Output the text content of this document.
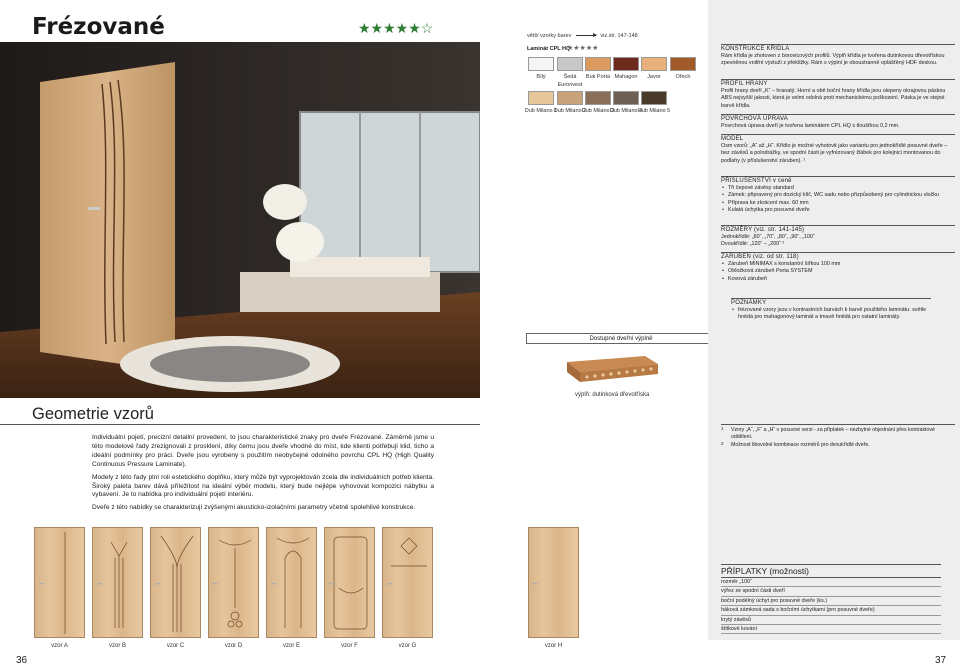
Frézované	★★★★★☆	větší vzorky barev	viz.str. 147-148
Laminát CPL HQ
★★★★★
Bílý	Šedá Euronvest
Buk Porta Mahagon	Javor	Ořech
Dub Milano 1
Dub Milano 2
Dub Milano 3
Dub Milano 4
Dub Milano 5
Dostupné dveřní výplně
výplň: dutinková dřevotříska
KONSTRUKCE KŘÍDLA
Rám křídla je zhotoven z borovicových profilů. Výplň křídla je tvořena dutinkovou dřevotřískou zpevněnou vnitřní výztuží z překližky. Rám s výplní je oboustranně oplášťěný HDF deskou.
PROFIL HRANY
Profil hrany dveří „K“ – hranatý. Horní a obě boční hrany křídla jsou olepeny okrajovou páskou ABS nejvyšší jakosti, která je velmi odolná proti mechanickému poškození. Páska je ve stejné barvě křídla.
POVRCHOVÁ ÚPRAVA
Povrchová úprava dveří je tvořena laminátem CPL HQ s tloušťkou 0,2 mm.
MODEL
Osm vzorů: „A“ až „H“. Křídlo je možné vyhotovit jako variantu pro jednokřídlé posuvné dveře – bez závěsů a polodrážky, ve spodní části je vyfrézovaný žlábek pro kolejnici montovanou do podlahy (v příslušenství záruben). ¹
PŘÍSLUŠENSTVÍ v ceně
• Tři čepové závěsy standard
• Zámek: připravený pro dozický klíč, WC sadu nebo přizpůsobený pro cylindrickou vložku
• Příprava ke zkrácení max. 60 mm
• Kulatá úchytka pro posuvné dveře
ROZMĚRY (viz. str. 141-145)
Jednokřídlé: „60“, „70“, „80“, „90“, „100“
Dvoukřídlé: „120“ – „200“ ²
ZÁRUBEŇ (viz. od str. 118)
• Zárubeň MINIMAX s konstantní šířkou 100 mm
• Obložková zárubeň Porta SYSTEM
• Kovová zárubeň
POZNÁMKY
• frézované vzory jsou v kontrastních barvách k barvě použitého laminátu: světle hnědá pro mahagonový laminát a tmavě hnědá pro ostatní lamináty.
1 Vzory „A“, „F“ a „H“ v posuvné verzi - za příplatek – nezbytné objednání přes kontraktové oddělení.
2 Možnost libovolné kombinace rozměrů pro dvoukřídlé dveře.
PŘÍPLATKY (možnosti)
rozměr „100“
výřez ze spodní části dveří
boční podélný úchyt pro posuvné dveře (ks.)
háková zámková sada s bočními úchytkami (pro posuvné dveře)
krytý závěsů
štítkové kování
Geometrie vzorů

Individuální pojetí, precizní detailní provedení, to jsou charakteristické znaky pro dveře Frézované. Záměrně jsme u této modelové řady zrezignovali z prosklení, díky čemu jsou dveře vhodné do míst, kde klienti potřebují klid, ticho a ideální podmínky pro práci. Dveře jsou vyrobeny s použitím neobyčejně odolného povrchu CPL HQ (High Quality Continuous Pressure Laminate).

Modely z této řady plní roli estetického doplňku, který může být vyprojektován zcela dle individuálních potřeb klienta. Široký paleta barev dává příležitost na ideální výběr modelu, který bude nejlépe vyhovovat kompozici nábytku a vybavení. Je to nabídka pro individuální pojetí interiéru.

Dveře z této nabídky se charakterizují zvýšenými akusticko-izolačními parametry včetně spolehlivé konstrukce.

vzor A	vzor B	vzor C	vzor D	vzor E	vzor F	vzor G	vzor H
36	37
